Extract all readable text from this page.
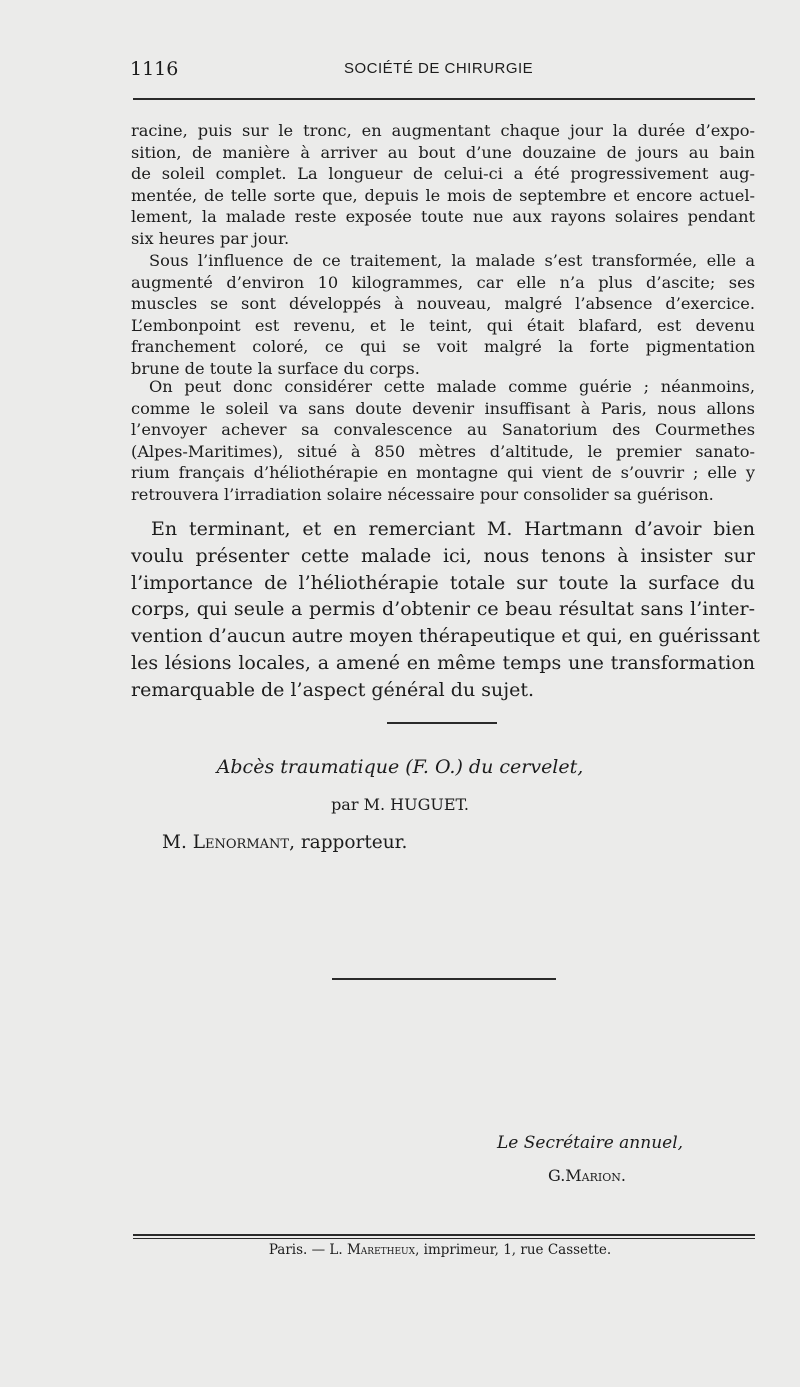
1116	SOCIÉTÉ DE CHIRURGIE

racine, puis sur le tronc, en augmentant chaque jour la durée d’expo-
sition, de manière à arriver au bout d’une douzaine de jours au bain
de soleil complet. La longueur de celui-ci a été progressivement aug-
mentée, de telle sorte que, depuis le mois de septembre et encore actuel-
lement, la malade reste exposée toute nue aux rayons solaires pendant
six heures par jour.

Sous l’influence de ce traitement, la malade s’est transformée, elle a
augmenté d’environ 10 kilogrammes, car elle n’a plus d’ascite; ses
muscles se sont développés à nouveau, malgré l’absence d’exercice.
L’embonpoint est revenu, et le teint, qui était blafard, est devenu
franchement coloré, ce qui se voit malgré la forte pigmentation
brune de toute la surface du corps.

On peut donc considérer cette malade comme guérie ; néanmoins,
comme le soleil va sans doute devenir insuffisant à Paris, nous allons
l’envoyer achever sa convalescence au Sanatorium des Courmethes
(Alpes-Maritimes), situé à 850 mètres d’altitude, le premier sanato-
rium français d’héliothérapie en montagne qui vient de s’ouvrir ; elle y
retrouvera l’irradiation solaire nécessaire pour consolider sa guérison.

En terminant, et en remerciant M. Hartmann d’avoir bien
voulu présenter cette malade ici, nous tenons à insister sur
l’importance de l’héliothérapie totale sur toute la surface du
corps, qui seule a permis d’obtenir ce beau résultat sans l’inter-
vention d’aucun autre moyen thérapeutique et qui, en guérissant
les lésions locales, a amené en même temps une transformation
remarquable de l’aspect général du sujet.

Abcès traumatique (F. O.) du cervelet,
par M. HUGUET.
M. Lenormant, rapporteur.
Le Secrétaire annuel,
G.Marion.
Paris. — L. Maretheux, imprimeur, 1, rue Cassette.
